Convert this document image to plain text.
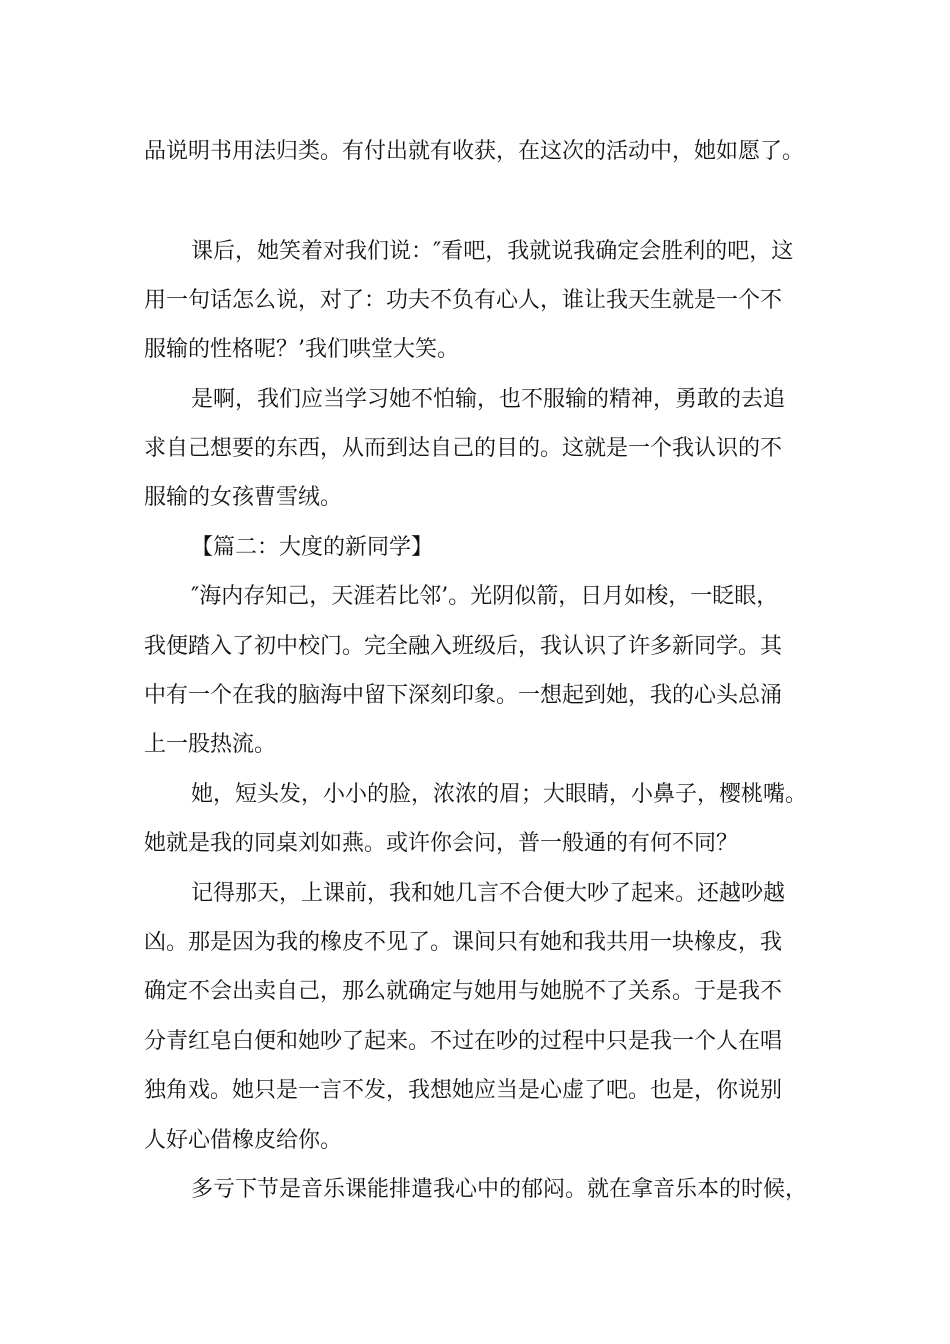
品说明书用法归类。有付出就有收获，在这次的活动中，她如愿了。
课后，她笑着对我们说：″看吧，我就说我确定会胜利的吧，这
用一句话怎么说，对了：功夫不负有心人，谁让我天生就是一个不
服输的性格呢？’我们哄堂大笑。
是啊，我们应当学习她不怕输，也不服输的精神，勇敢的去追
求自己想要的东西，从而到达自己的目的。这就是一个我认识的不
服输的女孩曹雪绒。
【篇二：大度的新同学】
″海内存知己，天涯若比邻’。光阴似箭，日月如梭，一眨眼，
我便踏入了初中校门。完全融入班级后，我认识了许多新同学。其
中有一个在我的脑海中留下深刻印象。一想起到她，我的心头总涌
上一股热流。
她，短头发，小小的脸，浓浓的眉；大眼睛，小鼻子，樱桃嘴。
她就是我的同桌刘如燕。或许你会问，普一般通的有何不同？
记得那天，上课前，我和她几言不合便大吵了起来。还越吵越
凶。那是因为我的橡皮不见了。课间只有她和我共用一块橡皮，我
确定不会出卖自己，那么就确定与她用与她脱不了关系。于是我不
分青红皂白便和她吵了起来。不过在吵的过程中只是我一个人在唱
独角戏。她只是一言不发，我想她应当是心虚了吧。也是，你说别
人好心借橡皮给你。
多亏下节是音乐课能排遣我心中的郁闷。就在拿音乐本的时候，
